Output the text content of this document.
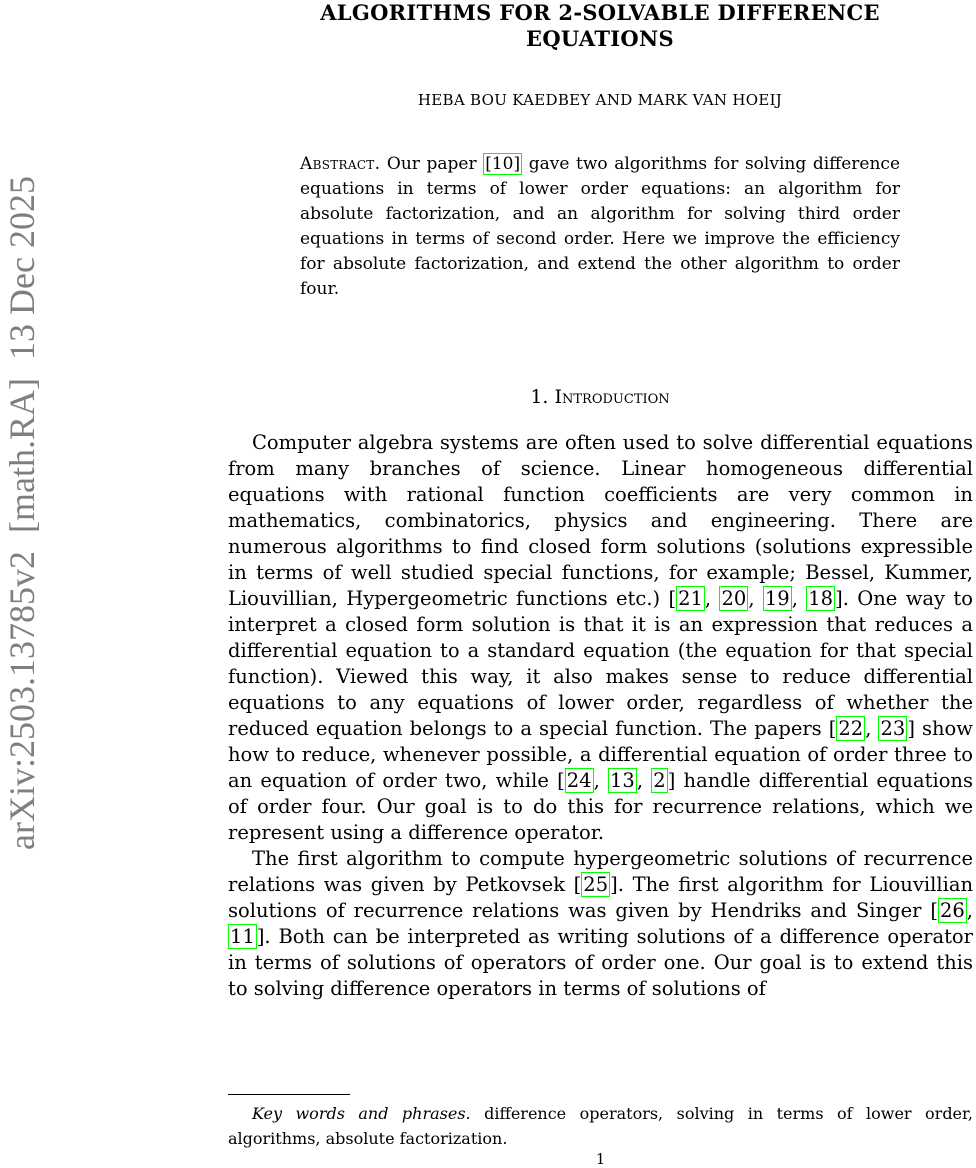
arXiv:2503.13785v2  [math.RA]  13 Dec 2025
ALGORITHMS FOR 2-SOLVABLE DIFFERENCE
EQUATIONS
HEBA BOU KAEDBEY AND MARK VAN HOEIJ
Abstract. Our paper [10] gave two algorithms for solving difference equations in terms of lower order equations: an algorithm for absolute factorization, and an algorithm for solving third order equations in terms of second order. Here we improve the efficiency for absolute factorization, and extend the other algorithm to order four.
1. Introduction

Computer algebra systems are often used to solve differential equations from many branches of science. Linear homogeneous differential equations with rational function coefficients are very common in mathematics, combinatorics, physics and engineering. There are numerous algorithms to find closed form solutions (solutions expressible in terms of well studied special functions, for example; Bessel, Kummer, Liouvillian, Hypergeometric functions etc.) [ 21 , 20 , 19 , 18 ]. One way to interpret a closed form solution is that it is an expression that reduces a differential equation to a standard equation (the equation for that special function). Viewed this way, it also makes sense to reduce differential equations to any equations of lower order, regardless of whether the reduced equation belongs to a special function. The papers [ 22 , 23 ] show how to reduce, whenever possible, a differential equation of order three to an equation of order two, while [ 24 , 13 , 2 ] handle differential equations of order four. Our goal is to do this for recurrence relations, which we represent using a difference operator.

The first algorithm to compute hypergeometric solutions of recurrence relations was given by Petkovsek [ 25 ]. The first algorithm for Liouvillian solutions of recurrence relations was given by Hendriks and Singer [ 26 , 11 ]. Both can be interpreted as writing solutions of a difference operator in terms of solutions of operators of order one. Our goal is to extend this to solving difference operators in terms of solutions of

Key words and phrases. difference operators, solving in terms of lower order, algorithms, absolute factorization.

1
